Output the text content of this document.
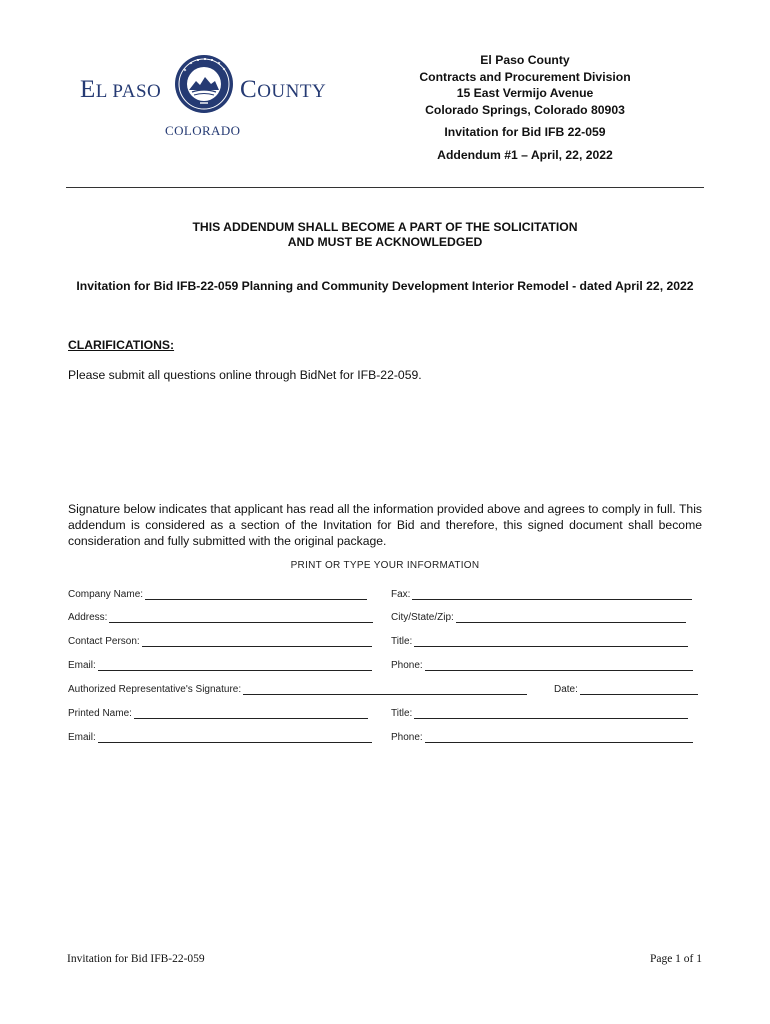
EL PASO	COUNTY
COLORADO
El Paso County
Contracts and Procurement Division
15 East Vermijo Avenue
Colorado Springs, Colorado 80903
Invitation for Bid IFB 22-059
Addendum #1 – April, 22, 2022
THIS ADDENDUM SHALL BECOME A PART OF THE SOLICITATION
AND MUST BE ACKNOWLEDGED
Invitation for Bid IFB-22-059 Planning and Community Development Interior Remodel - dated April 22, 2022
CLARIFICATIONS:
Please submit all questions online through BidNet for IFB-22-059.
Signature below indicates that applicant has read all the information provided above and agrees to comply in full. This addendum is considered as a section of the Invitation for Bid and therefore, this signed document shall become consideration and fully submitted with the original package.
PRINT OR TYPE YOUR INFORMATION
Company Name:	Fax:
Address:	City/State/Zip:
Contact Person:	Title:
Email:	Phone:
Authorized Representative's Signature:	Date:
Printed Name:	Title:
Email:	Phone:
Invitation for Bid IFB-22-059	Page 1 of 1
